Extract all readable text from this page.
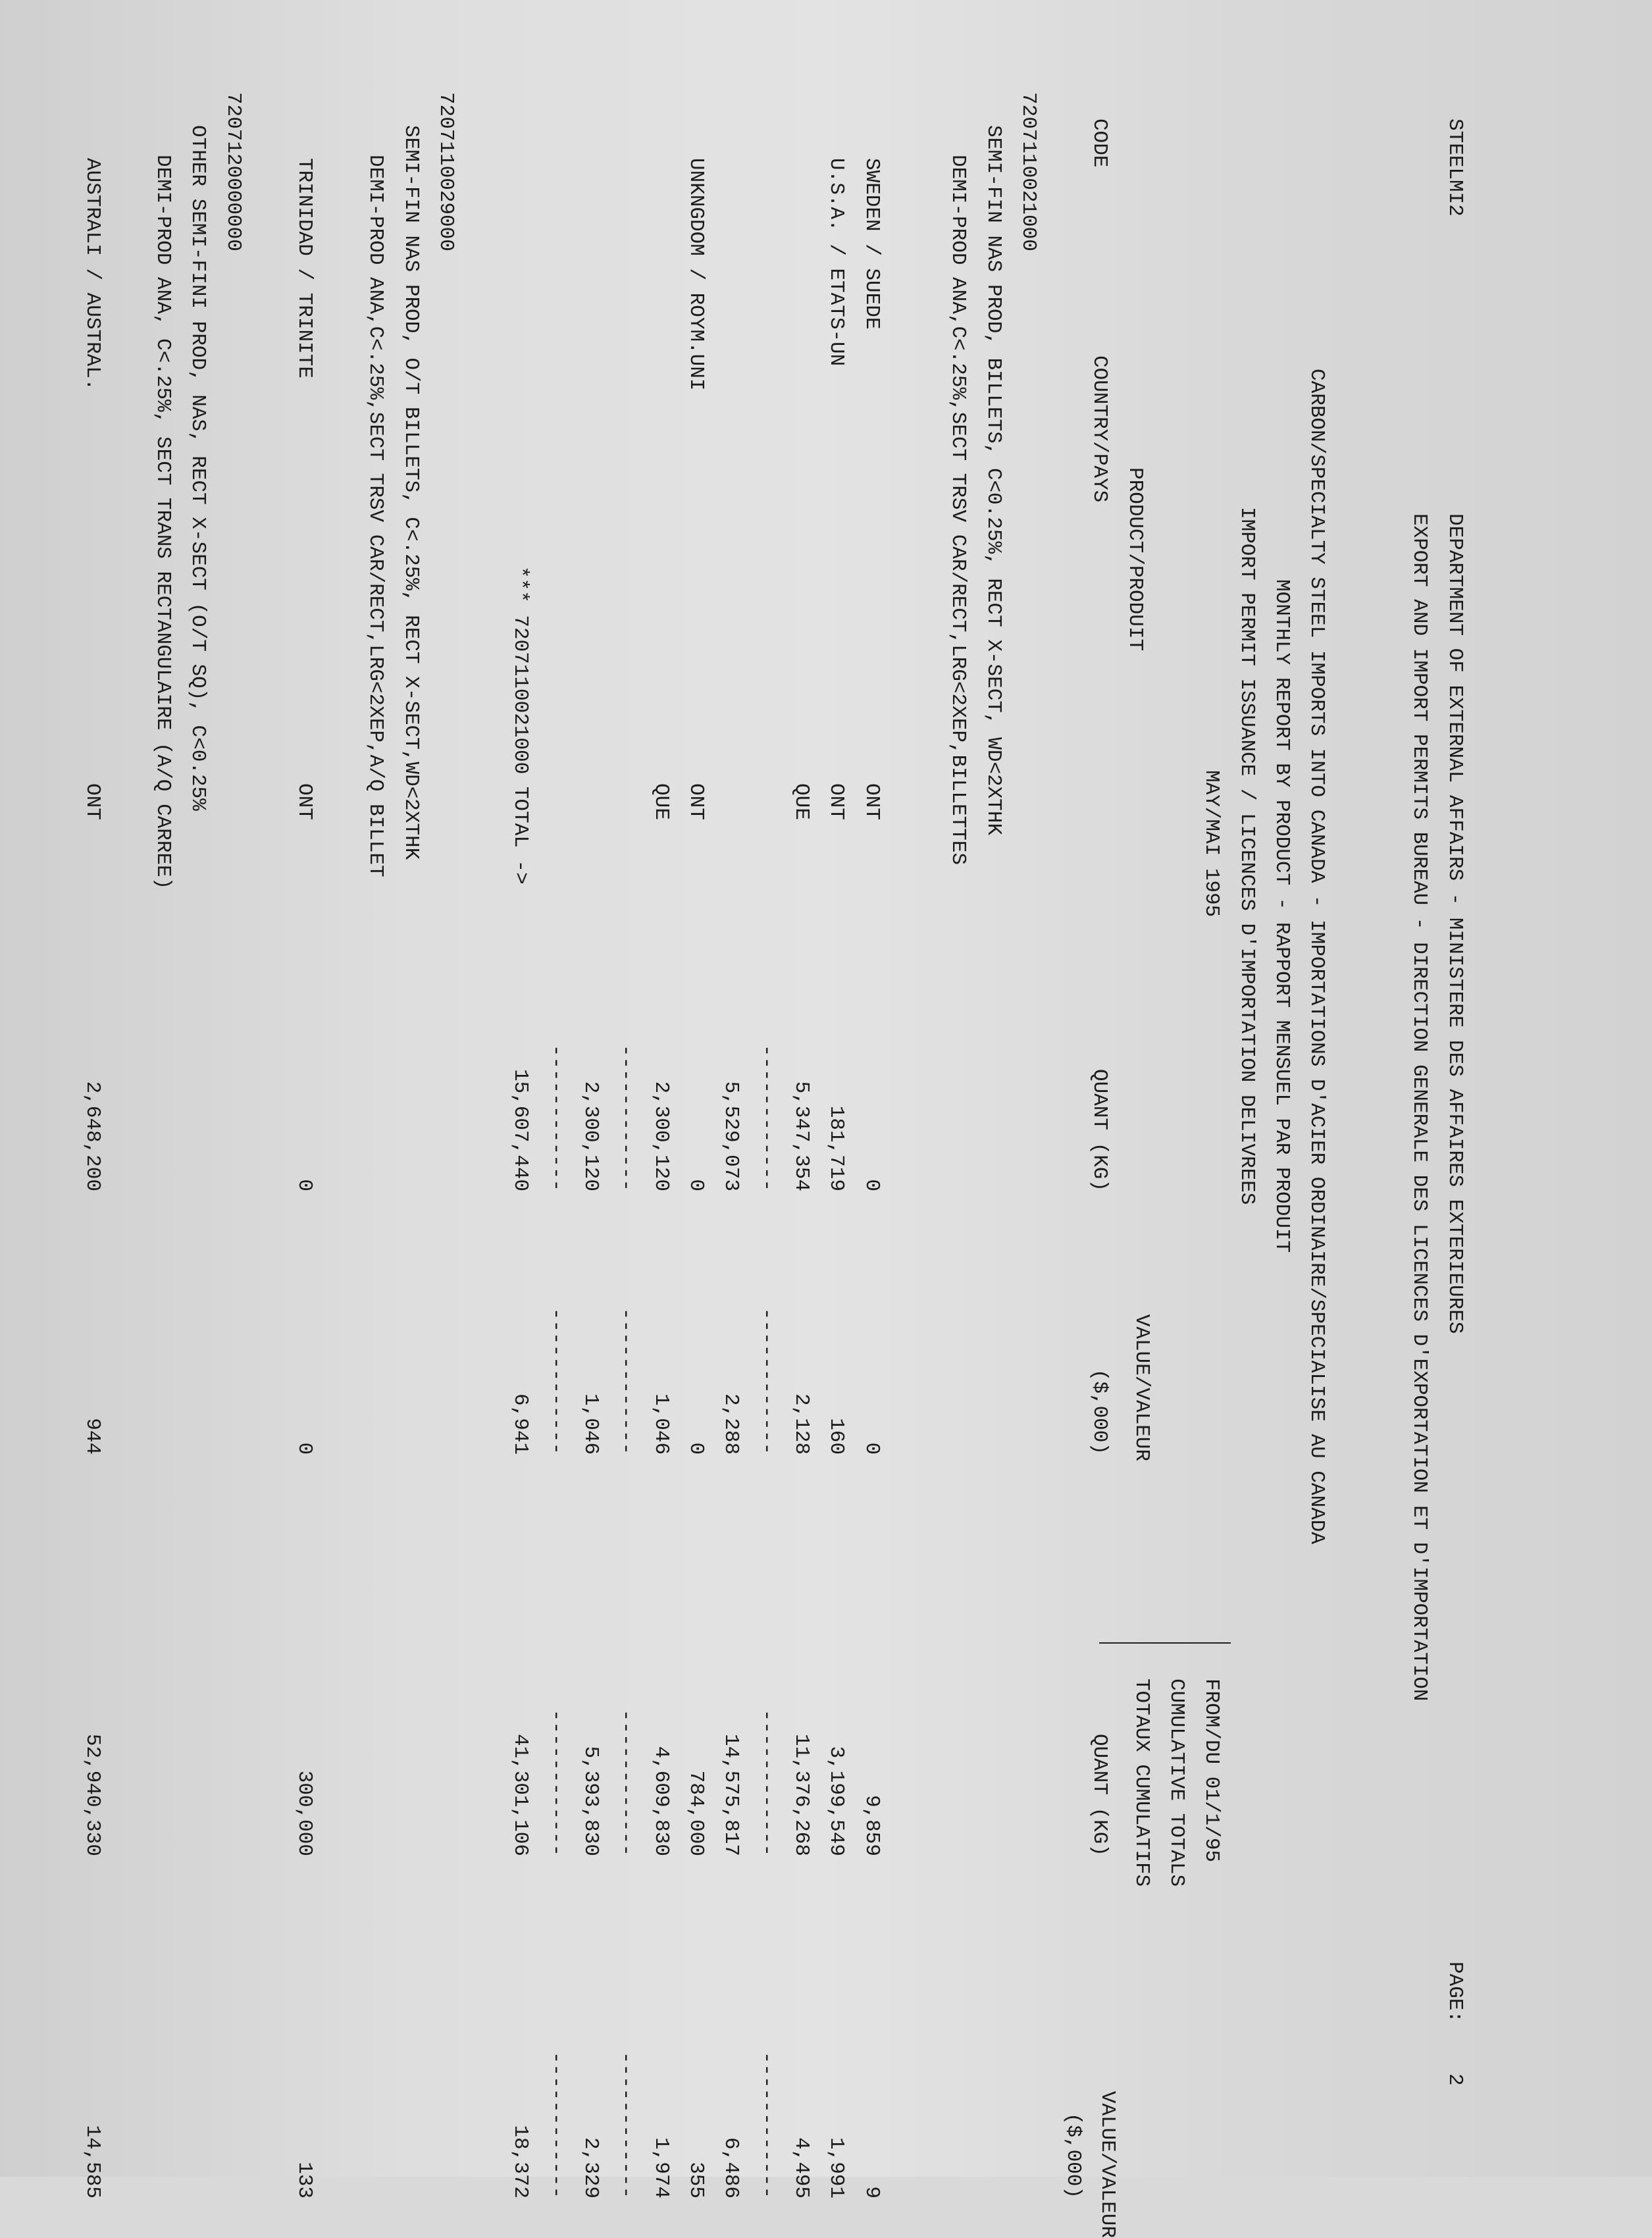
STEELMI2
DEPARTMENT OF EXTERNAL AFFAIRS - MINISTERE DES AFFAIRES EXTERIEURES
PAGE:
2
EXPORT AND IMPORT PERMITS BUREAU - DIRECTION GENERALE DES LICENCES D'EXPORTATION ET D'IMPORTATION
CARBON/SPECIALTY STEEL IMPORTS INTO CANADA - IMPORTATIONS D'ACIER ORDINAIRE/SPECIALISE AU CANADA
MONTHLY REPORT BY PRODUCT - RAPPORT MENSUEL PAR PRODUIT
IMPORT PERMIT ISSUANCE / LICENCES D'IMPORTATION DELIVREES
MAY/MAI 1995
FROM/DU 01/1/95
CUMULATIVE TOTALS
TOTAUX CUMULATIFS
PRODUCT/PRODUIT
VALUE/VALEUR
VALUE/VALEUR
CODE
COUNTRY/PAYS
QUANT (KG)
($,000)
QUANT (KG)
($,000)
7207110021000
SEMI-FIN NAS PROD, BILLETS, C<0.25%, RECT X-SECT, WD<2XTHK
DEMI-PROD ANA,C<.25%,SECT TRSV CAR/RECT,LRG<2XEP,BILLETTES
SWEDEN / SUEDE
ONT
0
0
9,859
9
U.S.A. / ETATS-UN
ONT
181,719
160
3,199,549
1,991
QUE
5,347,354
2,128
11,376,268
4,495
------------
------------
------------
------------
5,529,073
2,288
14,575,817
6,486
UNKNGDOM / ROYM.UNI
ONT
0
0
784,000
355
QUE
2,300,120
1,046
4,609,830
1,974
------------
------------
------------
------------
2,300,120
1,046
5,393,830
2,329
------------
------------
------------
------------
*** 7207110021000 TOTAL ->
15,607,440
6,941
41,301,106
18,372
7207110029000
SEMI-FIN NAS PROD, O/T BILLETS, C<.25%, RECT X-SECT,WD<2XTHK
DEMI-PROD ANA,C<.25%,SECT TRSV CAR/RECT,LRG<2XEP,A/Q BILLET
TRINIDAD / TRINITE
ONT
0
0
300,000
133
7207120000000
OTHER SEMI-FINI PROD, NAS, RECT X-SECT (O/T SQ), C<0.25%
DEMI-PROD ANA, C<.25%, SECT TRANS RECTANGULAIRE (A/Q CARREE)
AUSTRALI / AUSTRAL.
ONT
2,648,200
944
52,940,330
14,585
